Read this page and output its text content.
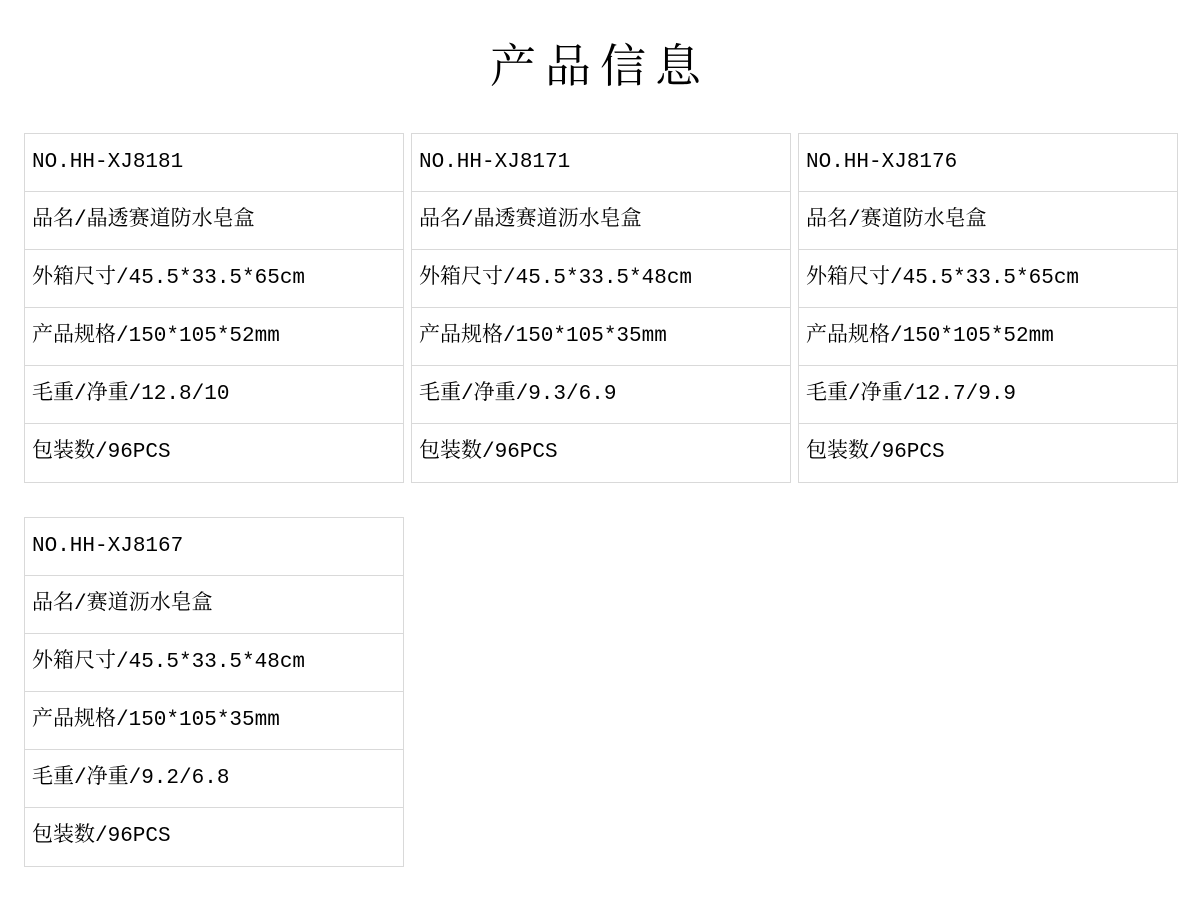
产品信息
NO.HH-XJ8181
品名/晶透赛道防水皂盒
外箱尺寸/45.5*33.5*65cm
产品规格/150*105*52mm
毛重/净重/12.8/10
包装数/96PCS
NO.HH-XJ8171
品名/晶透赛道沥水皂盒
外箱尺寸/45.5*33.5*48cm
产品规格/150*105*35mm
毛重/净重/9.3/6.9
包装数/96PCS
NO.HH-XJ8176
品名/赛道防水皂盒
外箱尺寸/45.5*33.5*65cm
产品规格/150*105*52mm
毛重/净重/12.7/9.9
包装数/96PCS
NO.HH-XJ8167
品名/赛道沥水皂盒
外箱尺寸/45.5*33.5*48cm
产品规格/150*105*35mm
毛重/净重/9.2/6.8
包装数/96PCS
